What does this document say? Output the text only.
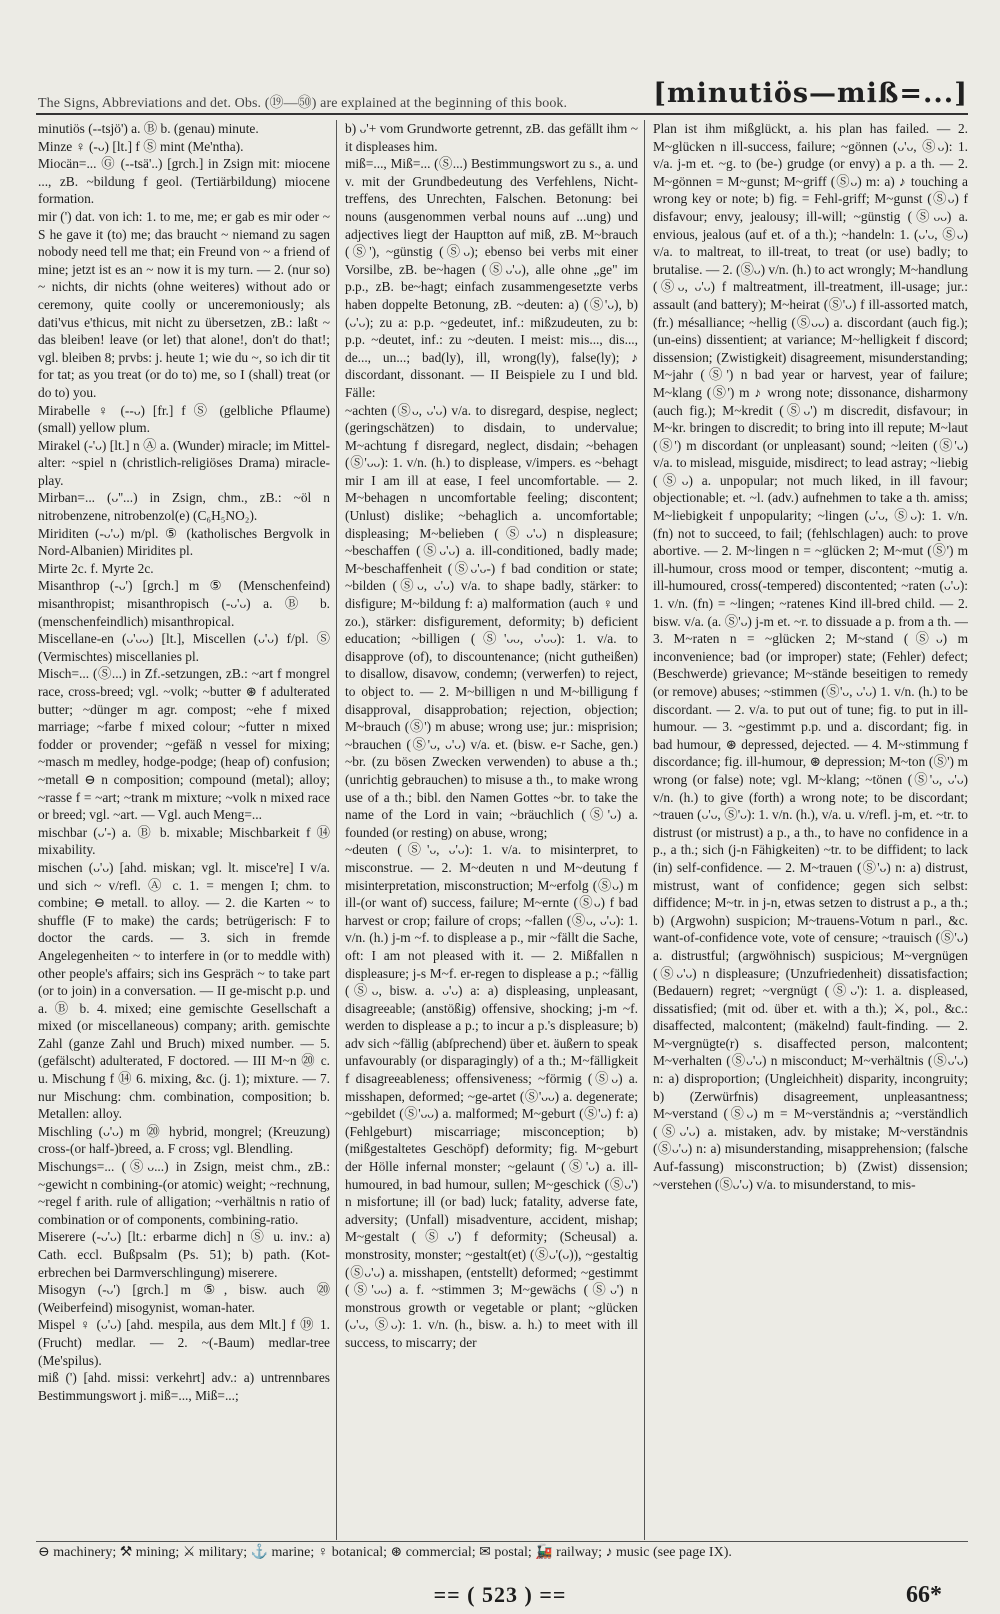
The Signs, Abbreviations and det. Obs. (⑲—㊿) are explained at the beginning of this book.	[minutiös—miß=...]

minutiös (--tsjö') a. Ⓑ b. (genau) minute.

Minze ♀ (-ᴗ) [lt.] f Ⓢ mint (Me'ntha).

Miocän=... Ⓖ (--tsä'..) [grch.] in Zsign mit: miocene ..., zB. ~bildung f geol. (Tertiärbildung) miocene formation.

mir (') dat. von ich: 1. to me, me; er gab es mir oder ~ S he gave it (to) me; das braucht ~ niemand zu sagen nobody need tell me that; ein Freund von ~ a friend of mine; jetzt ist es an ~ now it is my turn. — 2. (nur so) ~ nichts, dir nichts (ohne weiteres) without ado or ceremony, quite coolly or unceremoniously; als dati'vus e'thicus, mit nicht zu übersetzen, zB.: laßt ~ das bleiben! leave (or let) that alone!, don't do that!; vgl. bleiben 8; prvbs: j. heute 1; wie du ~, so ich dir tit for tat; as you treat (or do to) me, so I (shall) treat (or do to) you.

Mirabelle ♀ (--ᴗ) [fr.] f Ⓢ (gelbliche Pflaume) (small) yellow plum.

Mirakel (-'ᴗ) [lt.] n Ⓐ a. (Wunder) miracle; im Mittel-alter: ~spiel n (christlich-religiöses Drama) miracle-play.

Mirban=... (ᴗ''...) in Zsign, chm., zB.: ~öl n nitrobenzene, nitrobenzol(e) (C₆H₅NO₂).

Miriditen (-ᴗ'ᴗ) m/pl. ⑤ (katholisches Bergvolk in Nord-Albanien) Miridites pl.

Mirte 2c. f. Myrte 2c.

Misanthrop (-ᴗ') [grch.] m ⑤ (Menschenfeind) misanthropist; misanthropisch (-ᴗ'ᴗ) a. Ⓑ b. (menschenfeindlich) misanthropical.

Miscellane-en (ᴗ'ᴗᴗ) [lt.], Miscellen (ᴗ'ᴗ) f/pl. Ⓢ (Vermischtes) miscellanies pl.

Misch=... (Ⓢ...) in Zf.-setzungen, zB.: ~art f mongrel race, cross-breed; vgl. ~volk; ~butter ⊛ f adulterated butter; ~dünger m agr. compost; ~ehe f mixed marriage; ~farbe f mixed colour; ~futter n mixed fodder or provender; ~gefäß n vessel for mixing; ~masch m medley, hodge-podge; (heap of) confusion; ~metall ⊖ n composition; compound (metal); alloy; ~rasse f = ~art; ~trank m mixture; ~volk n mixed race or breed; vgl. ~art. — Vgl. auch Meng=...

mischbar (ᴗ'-) a. Ⓑ b. mixable; Mischbarkeit f ⑭ mixability.

mischen (ᴗ'ᴗ) [ahd. miskan; vgl. lt. misce're] I v/a. und sich ~ v/refl. Ⓐ c. 1. = mengen I; chm. to combine; ⊖ metall. to alloy. — 2. die Karten ~ to shuffle (F to make) the cards; betrügerisch: F to doctor the cards. — 3. sich in fremde Angelegenheiten ~ to interfere in (or to meddle with) other people's affairs; sich ins Gespräch ~ to take part (or to join) in a conversation. — II ge-mischt p.p. und a. Ⓑ b. 4. mixed; eine gemischte Gesellschaft a mixed (or miscellaneous) company; arith. gemischte Zahl (ganze Zahl und Bruch) mixed number. — 5. (gefälscht) adulterated, F doctored. — III M~n ⑳ c. u. Mischung f ⑭ 6. mixing, &c. (j. 1); mixture. — 7. nur Mischung: chm. combination, composition; b. Metallen: alloy.

Mischling (ᴗ'ᴗ) m ⑳ hybrid, mongrel; (Kreuzung) cross-(or half-)breed, a. F cross; vgl. Blendling.

Mischungs=... (Ⓢᴗ...) in Zsign, meist chm., zB.: ~gewicht n combining-(or atomic) weight; ~rechnung, ~regel f arith. rule of alligation; ~verhältnis n ratio of combination or of components, combining-ratio.

Miserere (-ᴗ'ᴗ) [lt.: erbarme dich] n Ⓢ u. inv.: a) Cath. eccl. Bußpsalm (Ps. 51); b) path. (Kot-erbrechen bei Darmverschlingung) miserere.

Misogyn (-ᴗ') [grch.] m ⑤, bisw. auch ⑳ (Weiberfeind) misogynist, woman-hater.

Mispel ♀ (ᴗ'ᴗ) [ahd. mespila, aus dem Mlt.] f ⑲ 1. (Frucht) medlar. — 2. ~(-Baum) medlar-tree (Me'spilus).

miß (') [ahd. missi: verkehrt] adv.: a) untrennbares Bestimmungswort j. miß=..., Miß=...;

b) ᴗ'+ vom Grundworte getrennt, zB. das gefällt ihm ~ it displeases him.

miß=..., Miß=... (Ⓢ...) Bestimmungswort zu s., a. und v. mit der Grundbedeutung des Verfehlens, Nicht-treffens, des Unrechten, Falschen. Betonung: bei nouns (ausgenommen verbal nouns auf ...ung) und adjectives liegt der Hauptton auf miß, zB. M~brauch (Ⓢ'), ~günstig (Ⓢᴗ); ebenso bei verbs mit einer Vorsilbe, zB. be~hagen (Ⓢᴗ'ᴗ), alle ohne „ge" im p.p., zB. be~hagt; einfach zusammengesetzte verbs haben doppelte Betonung, zB. ~deuten: a) (Ⓢ'ᴗ), b) (ᴗ'ᴗ); zu a: p.p. ~gedeutet, inf.: mißzudeuten, zu b: p.p. ~deutet, inf.: zu ~deuten. I meist: mis..., dis..., de..., un...; bad(ly), ill, wrong(ly), false(ly); ♪ discordant, dissonant. — II Beispiele zu I und bld. Fälle:

~achten (Ⓢᴗ, ᴗ'ᴗ) v/a. to disregard, despise, neglect; (geringschätzen) to disdain, to undervalue; M~achtung f disregard, neglect, disdain; ~behagen (Ⓢ'ᴗᴗ): 1. v/n. (h.) to displease, v/impers. es ~behagt mir I am ill at ease, I feel uncomfortable. — 2. M~behagen n uncomfortable feeling; discontent; (Unlust) dislike; ~behaglich a. uncomfortable; displeasing; M~belieben (Ⓢᴗ'ᴗ) n displeasure; ~beschaffen (Ⓢᴗ'ᴗ) a. ill-conditioned, badly made; M~beschaffenheit (Ⓢᴗ'ᴗ-) f bad condition or state; ~bilden (Ⓢᴗ, ᴗ'ᴗ) v/a. to shape badly, stärker: to disfigure; M~bildung f: a) malformation (auch ♀ und zo.), stärker: disfigurement, deformity; b) deficient education; ~billigen (Ⓢ'ᴗᴗ, ᴗ'ᴗᴗ): 1. v/a. to disapprove (of), to discountenance; (nicht gutheißen) to disallow, disavow, condemn; (verwerfen) to reject, to object to. — 2. M~billigen n und M~billigung f disapproval, disapprobation; rejection, objection; M~brauch (Ⓢ') m abuse; wrong use; jur.: misprision; ~brauchen (Ⓢ'ᴗ, ᴗ'ᴗ) v/a. et. (bisw. e-r Sache, gen.) ~br. (zu bösen Zwecken verwenden) to abuse a th.; (unrichtig gebrauchen) to misuse a th., to make wrong use of a th.; bibl. den Namen Gottes ~br. to take the name of the Lord in vain; ~bräuchlich (Ⓢ'ᴗ) a. founded (or resting) on abuse, wrong;

~deuten (Ⓢ'ᴗ, ᴗ'ᴗ): 1. v/a. to misinterpret, to misconstrue. — 2. M~deuten n und M~deutung f misinterpretation, misconstruction; M~erfolg (Ⓢᴗ) m ill-(or want of) success, failure; M~ernte (Ⓢᴗ) f bad harvest or crop; failure of crops; ~fallen (Ⓢᴗ, ᴗ'ᴗ): 1. v/n. (h.) j-m ~f. to displease a p., mir ~fällt die Sache, oft: I am not pleased with it. — 2. Mißfallen n displeasure; j-s M~f. er-regen to displease a p.; ~fällig (Ⓢᴗ, bisw. a. ᴗ'ᴗ) a: a) displeasing, unpleasant, disagreeable; (anstößig) offensive, shocking; j-m ~f. werden to displease a p.; to incur a p.'s displeasure; b) adv sich ~fällig (abſprechend) über et. äußern to speak unfavourably (or disparagingly) of a th.; M~fälligkeit f disagreeableness; offensiveness; ~förmig (Ⓢᴗ) a. misshapen, deformed; ~ge-artet (Ⓢ'ᴗᴗ) a. degenerate; ~gebildet (Ⓢ'ᴗᴗ) a. malformed; M~geburt (Ⓢ'ᴗ) f: a) (Fehlgeburt) miscarriage; misconception; b) (mißgestaltetes Geschöpf) deformity; fig. M~geburt der Hölle infernal monster; ~gelaunt (Ⓢ'ᴗ) a. ill-humoured, in bad humour, sullen; M~geschick (Ⓢᴗ') n misfortune; ill (or bad) luck; fatality, adverse fate, adversity; (Unfall) misadventure, accident, mishap; M~gestalt (Ⓢᴗ') f deformity; (Scheusal) a. monstrosity, monster; ~gestalt(et) (Ⓢᴗ'(ᴗ)), ~gestaltig (Ⓢᴗ'ᴗ) a. misshapen, (entstellt) deformed; ~gestimmt (Ⓢ'ᴗᴗ) a. f. ~stimmen 3; M~gewächs (Ⓢᴗ') n monstrous growth or vegetable or plant; ~glücken (ᴗ'ᴗ, Ⓢᴗ): 1. v/n. (h., bisw. a. h.) to meet with ill success, to miscarry; der

Plan ist ihm mißglückt, a. his plan has failed. — 2. M~glücken n ill-success, failure; ~gönnen (ᴗ'ᴗ, Ⓢᴗ): 1. v/a. j-m et. ~g. to (be-) grudge (or envy) a p. a th. — 2. M~gönnen = M~gunst; M~griff (Ⓢᴗ) m: a) ♪ touching a wrong key or note; b) fig. = Fehl-griff; M~gunst (Ⓢᴗ) f disfavour; envy, jealousy; ill-will; ~günstig (Ⓢᴗᴗ) a. envious, jealous (auf et. of a th.); ~handeln: 1. (ᴗ'ᴗ, Ⓢᴗ) v/a. to maltreat, to ill-treat, to treat (or use) badly; to brutalise. — 2. (Ⓢᴗ) v/n. (h.) to act wrongly; M~handlung (Ⓢᴗ, ᴗ'ᴗ) f maltreatment, ill-treatment, ill-usage; jur.: assault (and battery); M~heirat (Ⓢ'ᴗ) f ill-assorted match, (fr.) mésalliance; ~hellig (Ⓢᴗᴗ) a. discordant (auch fig.); (un-eins) dissentient; at variance; M~helligkeit f discord; dissension; (Zwistigkeit) disagreement, misunderstanding; M~jahr (Ⓢ') n bad year or harvest, year of failure; M~klang (Ⓢ') m ♪ wrong note; dissonance, disharmony (auch fig.); M~kredit (Ⓢᴗ') m discredit, disfavour; in M~kr. bringen to discredit; to bring into ill repute; M~laut (Ⓢ') m discordant (or unpleasant) sound; ~leiten (Ⓢ'ᴗ) v/a. to mislead, misguide, misdirect; to lead astray; ~liebig (Ⓢᴗ) a. unpopular; not much liked, in ill favour; objectionable; et. ~l. (adv.) aufnehmen to take a th. amiss; M~liebigkeit f unpopularity; ~lingen (ᴗ'ᴗ, Ⓢᴗ): 1. v/n. (fn) not to succeed, to fail; (fehlschlagen) auch: to prove abortive. — 2. M~lingen n = ~glücken 2; M~mut (Ⓢ') m ill-humour, cross mood or temper, discontent; ~mutig a. ill-humoured, cross(-tempered) discontented; ~raten (ᴗ'ᴗ): 1. v/n. (fn) = ~lingen; ~ratenes Kind ill-bred child. — 2. bisw. v/a. (a. Ⓢ'ᴗ) j-m et. ~r. to dissuade a p. from a th. — 3. M~raten n = ~glücken 2; M~stand (Ⓢᴗ) m inconvenience; bad (or improper) state; (Fehler) defect; (Beschwerde) grievance; M~stände beseitigen to remedy (or remove) abuses; ~stimmen (Ⓢ'ᴗ, ᴗ'ᴗ) 1. v/n. (h.) to be discordant. — 2. v/a. to put out of tune; fig. to put in ill-humour. — 3. ~gestimmt p.p. und a. discordant; fig. in bad humour, ⊛ depressed, dejected. — 4. M~stimmung f discordance; fig. ill-humour, ⊛ depression; M~ton (Ⓢ') m wrong (or false) note; vgl. M~klang; ~tönen (Ⓢ'ᴗ, ᴗ'ᴗ) v/n. (h.) to give (forth) a wrong note; to be discordant; ~trauen (ᴗ'ᴗ, Ⓢ'ᴗ): 1. v/n. (h.), v/a. u. v/refl. j-m, et. ~tr. to distrust (or mistrust) a p., a th., to have no confidence in a p., a th.; sich (j-n Fähigkeiten) ~tr. to be diffident; to lack (in) self-confidence. — 2. M~trauen (Ⓢ'ᴗ) n: a) distrust, mistrust, want of confidence; gegen sich selbst: diffidence; M~tr. in j-n, etwas setzen to distrust a p., a th.; b) (Argwohn) suspicion; M~trauens-Votum n parl., &c. want-of-confidence vote, vote of censure; ~trauisch (Ⓢ'ᴗ) a. distrustful; (argwöhnisch) suspicious; M~vergnügen (Ⓢᴗ'ᴗ) n displeasure; (Unzufriedenheit) dissatisfaction; (Bedauern) regret; ~vergnügt (Ⓢᴗ'): 1. a. displeased, dissatisfied; (mit od. über et. with a th.); ⚔, pol., &c.: disaffected, malcontent; (mäkelnd) fault-finding. — 2. M~vergnügte(r) s. disaffected person, malcontent; M~verhalten (Ⓢᴗ'ᴗ) n misconduct; M~verhältnis (Ⓢᴗ'ᴗ) n: a) disproportion; (Ungleichheit) disparity, incongruity; b) (Zerwürfnis) disagreement, unpleasantness; M~verstand (Ⓢᴗ) m = M~verständnis a; ~verständlich (Ⓢᴗ'ᴗ) a. mistaken, adv. by mistake; M~verständnis (Ⓢᴗ'ᴗ) n: a) misunderstanding, misapprehension; (falsche Auf-fassung) misconstruction; b) (Zwist) dissension; ~verstehen (Ⓢᴗ'ᴗ) v/a. to misunderstand, to mis-

⊖ machinery; ⚒ mining; ⚔ military; ⚓ marine; ♀ botanical; ⊛ commercial; ✉ postal; 🚂 railway; ♪ music (see page IX).
== ( 523 ) ==	66*
